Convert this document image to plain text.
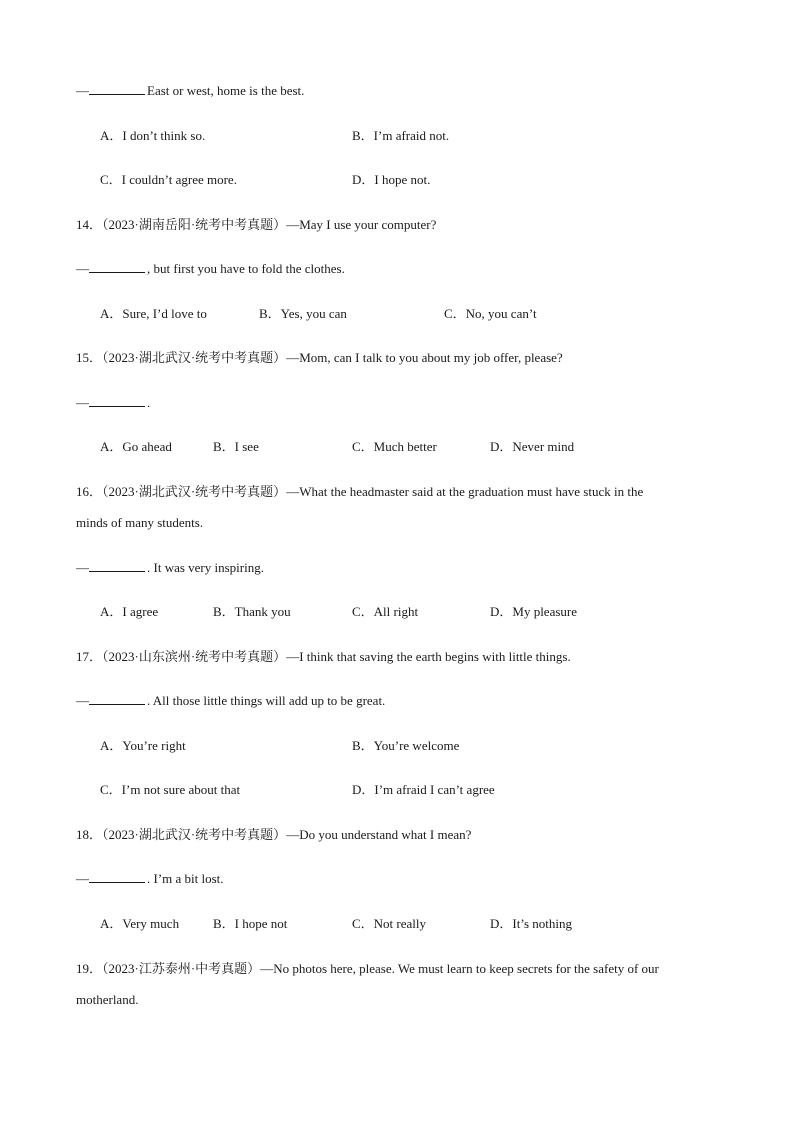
—	East or west, home is the best.
A．I don’t think so.	B．I’m afraid not.
C．I couldn’t agree more.	D．I hope not.
14．（2023·湖南岳阳·统考中考真题）—May I use your computer?
—	, but first you have to fold the clothes.
A．Sure, I’d love to	B．Yes, you can	C．No, you can’t
15．（2023·湖北武汉·统考中考真题）—Mom, can I talk to you about my job offer, please?
—	.
A．Go ahead	B．I see	C．Much better	D．Never mind
16．（2023·湖北武汉·统考中考真题）—What the headmaster said at the graduation must have stuck in the
minds of many students.
—	. It was very inspiring.
A．I agree	B．Thank you	C．All right	D．My pleasure
17．（2023·山东滨州·统考中考真题）—I think that saving the earth begins with little things.
—	. All those little things will add up to be great.
A．You’re right	B．You’re welcome
C．I’m not sure about that	D．I’m afraid I can’t agree
18．（2023·湖北武汉·统考中考真题）—Do you understand what I mean?
—	. I’m a bit lost.
A．Very much	B．I hope not	C．Not really	D．It’s nothing
19．（2023·江苏泰州·中考真题）—No photos here, please. We must learn to keep secrets for the safety of our
motherland.
